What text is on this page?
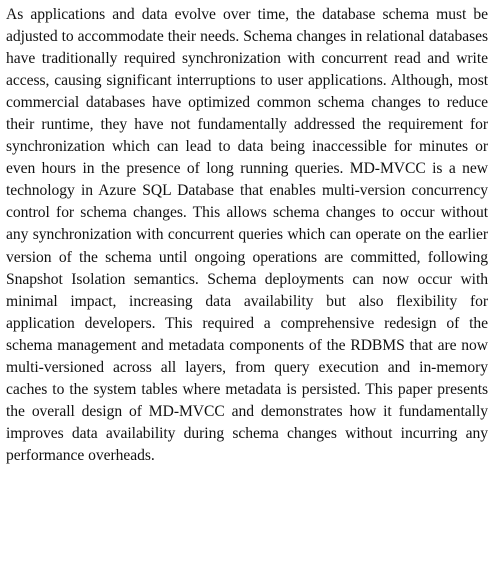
As applications and data evolve over time, the database schema must be adjusted to accommodate their needs. Schema changes in relational databases have traditionally required synchronization with concurrent read and write access, causing significant interruptions to user applications. Although, most commercial databases have optimized common schema changes to reduce their runtime, they have not fundamentally addressed the requirement for synchronization which can lead to data being inaccessible for minutes or even hours in the presence of long running queries. MD-MVCC is a new technology in Azure SQL Database that enables multi-version concurrency control for schema changes. This allows schema changes to occur without any synchronization with concurrent queries which can operate on the earlier version of the schema until ongoing operations are committed, following Snapshot Isolation semantics. Schema deployments can now occur with minimal impact, increasing data availability but also flexibility for application developers. This required a comprehensive redesign of the schema management and metadata components of the RDBMS that are now multi-versioned across all layers, from query execution and in-memory caches to the system tables where metadata is persisted. This paper presents the overall design of MD-MVCC and demonstrates how it fundamentally improves data availability during schema changes without incurring any performance overheads.
